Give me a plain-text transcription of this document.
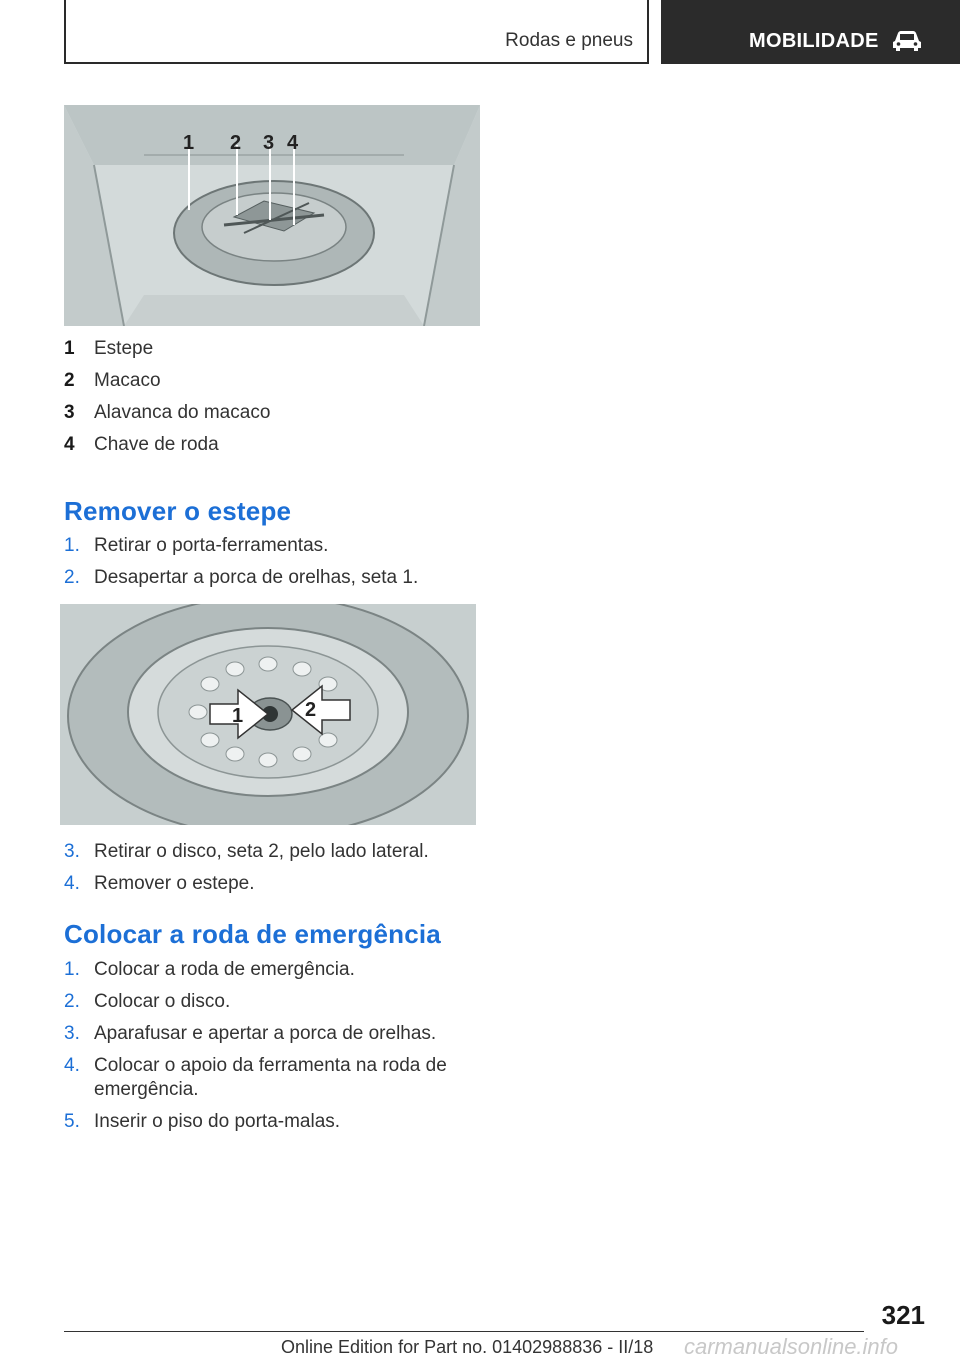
Rodas e pneus	MOBILIDADE
1 2 3 4
1 Estepe
2 Macaco
3 Alavanca do macaco
4 Chave de roda
Remover o estepe
1. Retirar o porta-ferramentas.
2. Desapertar a porca de orelhas, seta 1.
1	2
3. Retirar o disco, seta 2, pelo lado lateral.
4. Remover o estepe.
Colocar a roda de emergência
1. Colocar a roda de emergência.
2. Colocar o disco.
3. Aparafusar e apertar a porca de orelhas.
4. Colocar o apoio da ferramenta na roda de emergência.
5. Inserir o piso do porta-malas.
321
Online Edition for Part no. 01402988836 - II/18 carmanualsonline.info
